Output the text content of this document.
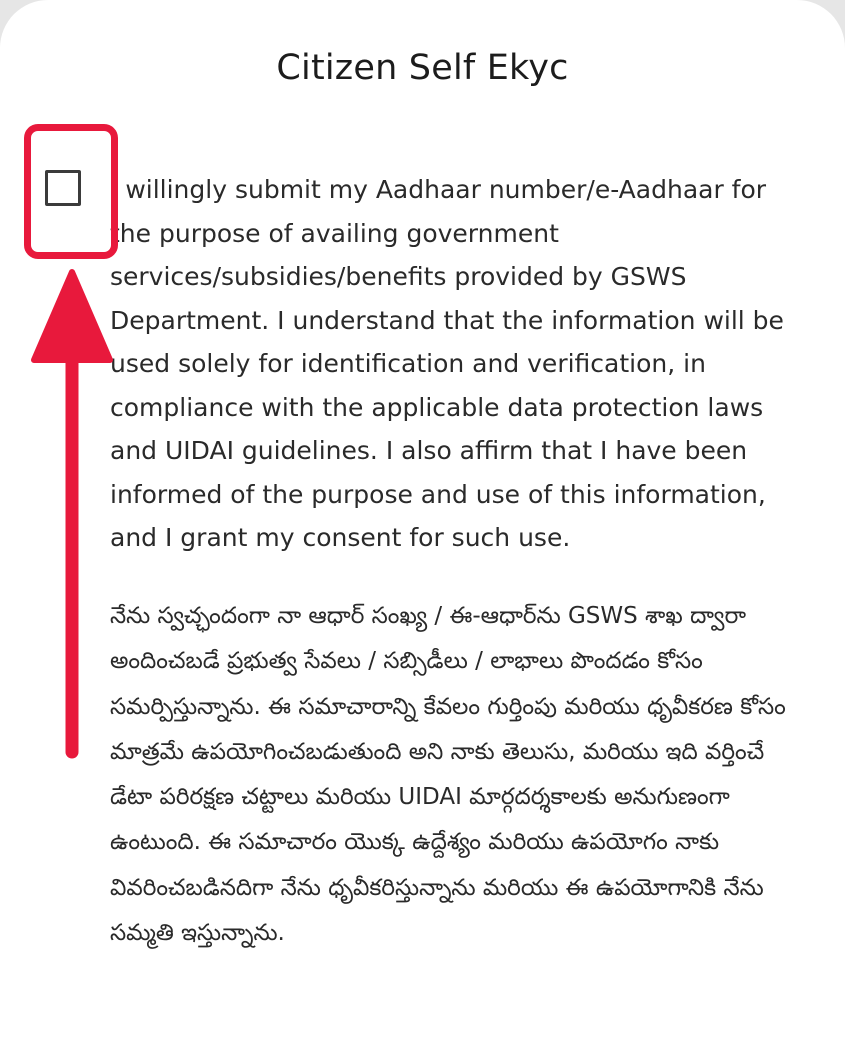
Citizen Self Ekyc

I willingly submit my Aadhaar number/e-Aadhaar for the purpose of availing government services/subsidies/benefits provided by GSWS Department. I understand that the information will be used solely for identification and verification, in compliance with the applicable data protection laws and UIDAI guidelines. I also affirm that I have been informed of the purpose and use of this information, and I grant my consent for such use.

నేను స్వచ్ఛందంగా నా ఆధార్ సంఖ్య / ఈ-ఆధార్‌ను GSWS శాఖ ద్వారా అందించబడే ప్రభుత్వ సేవలు / సబ్సిడీలు / లాభాలు పొందడం కోసం సమర్పిస్తున్నాను. ఈ సమాచారాన్ని కేవలం గుర్తింపు మరియు ధృవీకరణ కోసం మాత్రమే ఉపయోగించబడుతుంది అని నాకు తెలుసు, మరియు ఇది వర్తించే డేటా పరిరక్షణ చట్టాలు మరియు UIDAI మార్గదర్శకాలకు అనుగుణంగా ఉంటుంది. ఈ సమాచారం యొక్క ఉద్దేశ్యం మరియు ఉపయోగం నాకు వివరించబడినదిగా నేను ధృవీకరిస్తున్నాను మరియు ఈ ఉపయోగానికి నేను సమ్మతి ఇస్తున్నాను.
